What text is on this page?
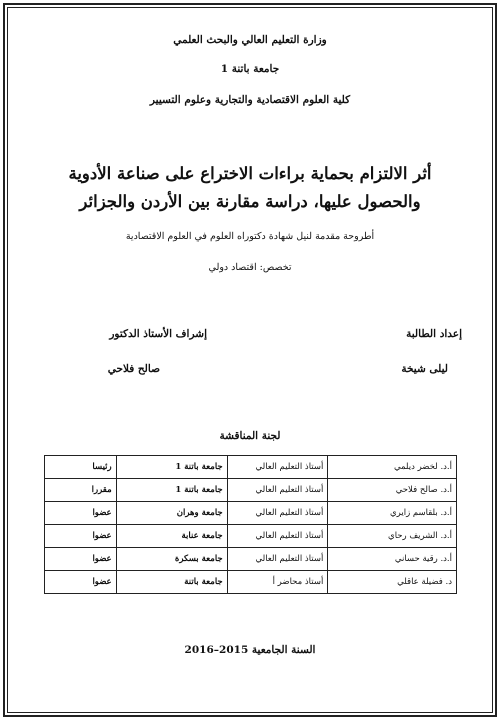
وزارة التعليم العالي والبحث العلمي
جامعة باتنة 1
كلية العلوم الاقتصادية والتجارية وعلوم التسيير
أثر الالتزام بحماية براءات الاختراع على صناعة الأدوية
والحصول عليها، دراسة مقارنة بين الأردن والجزائر
أطروحة مقدمة لنيل شهادة دكتوراه العلوم في العلوم الاقتصادية
تخصص: اقتصاد دولي
إعداد الطالبة
ليلى شيخة
إشراف الأستاذ الدكتور
صالح فلاحي
لجنة المناقشة
أ.د. لخضر ديلمي	أستاذ التعليم العالي	جامعة باتنة 1	رئيسا
أ.د. صالح فلاحي	أستاذ التعليم العالي	جامعة باتنة 1	مقررا
أ.د. بلقاسم زايري	أستاذ التعليم العالي	جامعة وهران	عضوا
أ.د. الشريف رحاي	أستاذ التعليم العالي	جامعة عنابة	عضوا
أ.د. رقية حساني	أستاذ التعليم العالي	جامعة بسكرة	عضوا
د. فضيلة عاقلي	أستاذ محاضر أ	جامعة باتنة	عضوا
السنة الجامعية 2015–2016
